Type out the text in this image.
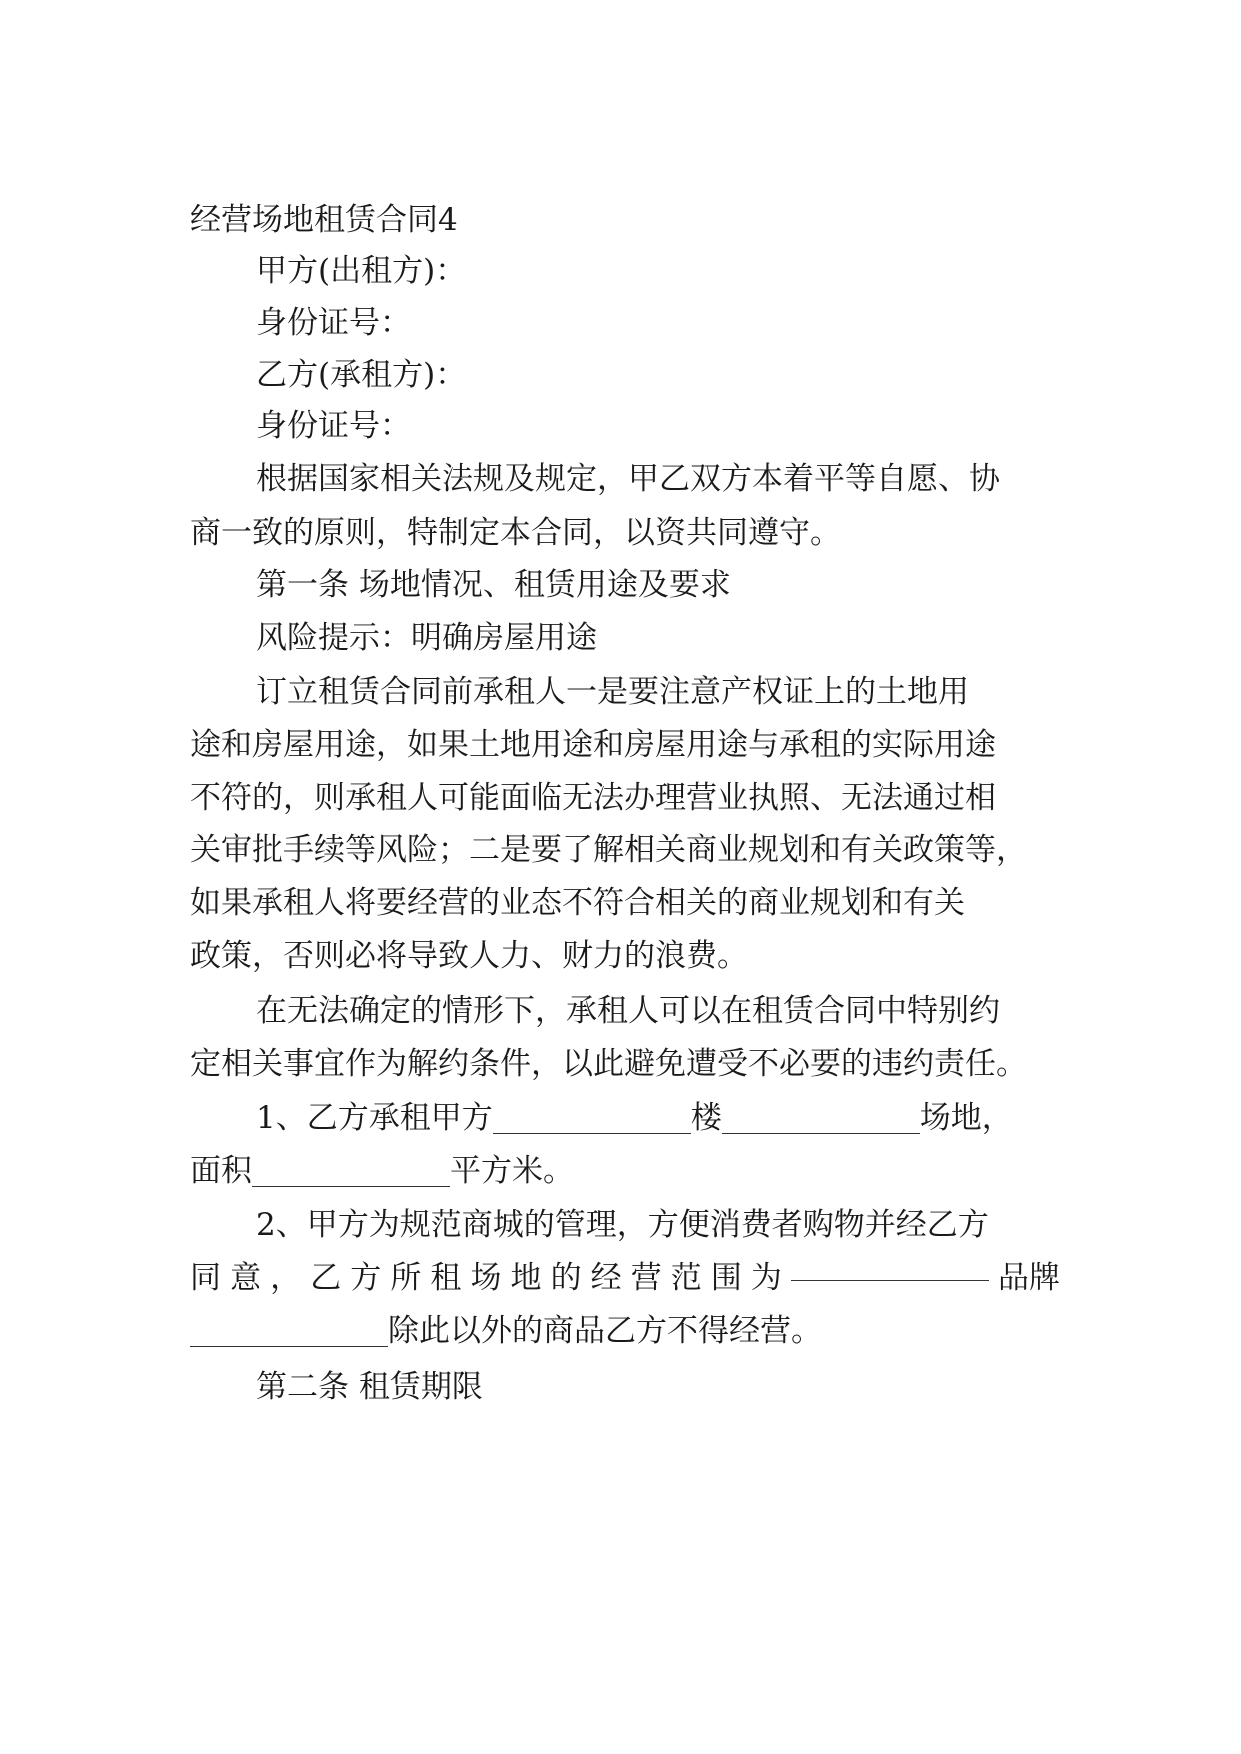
经营场地租赁合同4
甲方(出租方)：
身份证号：
乙方(承租方)：
身份证号：
根据国家相关法规及规定，甲乙双方本着平等自愿、协
商一致的原则，特制定本合同，以资共同遵守。
第一条 场地情况、租赁用途及要求
风险提示：明确房屋用途
订立租赁合同前承租人一是要注意产权证上的土地用
途和房屋用途，如果土地用途和房屋用途与承租的实际用途
不符的，则承租人可能面临无法办理营业执照、无法通过相
关审批手续等风险；二是要了解相关商业规划和有关政策等，
如果承租人将要经营的业态不符合相关的商业规划和有关
政策，否则必将导致人力、财力的浪费。
在无法确定的情形下，承租人可以在租赁合同中特别约
定相关事宜作为解约条件，以此避免遭受不必要的违约责任。
1、乙方承租甲方	楼	场地，
面积	平方米。
2、甲方为规范商城的管理，方便消费者购物并经乙方
同 意 ， 乙 方 所 租 场 地 的 经 营 范 围 为	品牌
除此以外的商品乙方不得经营。
第二条 租赁期限
